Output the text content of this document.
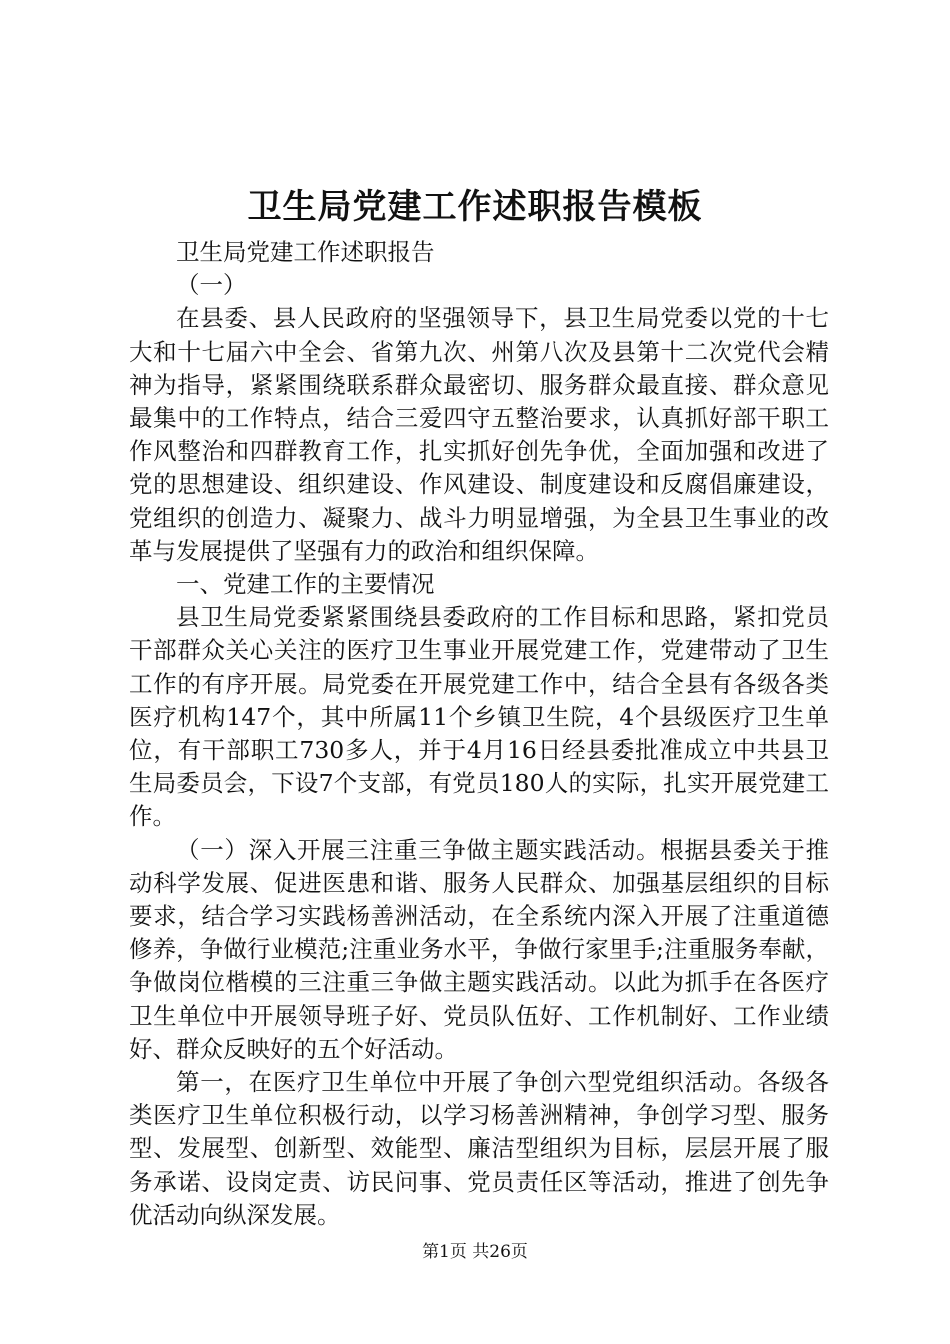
卫生局党建工作述职报告模板

卫生局党建工作述职报告

（一）

在县委、县人民政府的坚强领导下，县卫生局党委以党的十七大和十七届六中全会、省第九次、州第八次及县第十二次党代会精神为指导，紧紧围绕联系群众最密切、服务群众最直接、群众意见最集中的工作特点，结合三爱四守五整治要求，认真抓好部干职工作风整治和四群教育工作，扎实抓好创先争优，全面加强和改进了党的思想建设、组织建设、作风建设、制度建设和反腐倡廉建设，党组织的创造力、凝聚力、战斗力明显增强，为全县卫生事业的改革与发展提供了坚强有力的政治和组织保障。

一、党建工作的主要情况

县卫生局党委紧紧围绕县委政府的工作目标和思路，紧扣党员干部群众关心关注的医疗卫生事业开展党建工作，党建带动了卫生工作的有序开展。局党委在开展党建工作中，结合全县有各级各类医疗机构147个，其中所属11个乡镇卫生院，4个县级医疗卫生单位，有干部职工730多人，并于4月16日经县委批准成立中共县卫生局委员会，下设7个支部，有党员180人的实际，扎实开展党建工作。

（一）深入开展三注重三争做主题实践活动。根据县委关于推动科学发展、促进医患和谐、服务人民群众、加强基层组织的目标要求，结合学习实践杨善洲活动，在全系统内深入开展了注重道德修养，争做行业模范;注重业务水平，争做行家里手;注重服务奉献，争做岗位楷模的三注重三争做主题实践活动。以此为抓手在各医疗卫生单位中开展领导班子好、党员队伍好、工作机制好、工作业绩好、群众反映好的五个好活动。

第一，在医疗卫生单位中开展了争创六型党组织活动。各级各类医疗卫生单位积极行动，以学习杨善洲精神，争创学习型、服务型、发展型、创新型、效能型、廉洁型组织为目标，层层开展了服务承诺、设岗定责、访民问事、党员责任区等活动，推进了创先争优活动向纵深发展。

第1页 共26页
